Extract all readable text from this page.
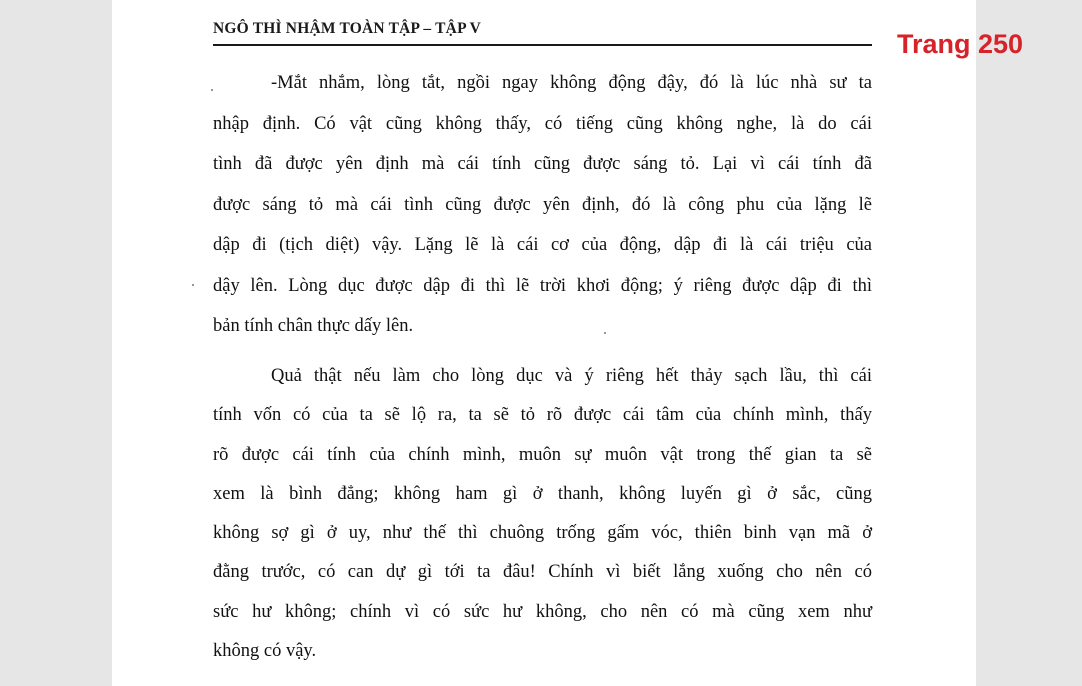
NGÔ THÌ NHẬM TOÀN TẬP – TẬP V

-Mắt nhắm, lòng tắt, ngồi ngay không động đậy, đó là lúc nhà sư ta
nhập định. Có vật cũng không thấy, có tiếng cũng không nghe, là do cái
tình đã được yên định mà cái tính cũng được sáng tỏ. Lại vì cái tính đã
được sáng tỏ mà cái tình cũng được yên định, đó là công phu của lặng lẽ
dập đi (tịch diệt) vậy. Lặng lẽ là cái cơ của động, dập đi là cái triệu của
dậy lên. Lòng dục được dập đi thì lẽ trời khơi động; ý riêng được dập đi thì
bản tính chân thực dấy lên.

Quả thật nếu làm cho lòng dục và ý riêng hết thảy sạch lầu, thì cái
tính vốn có của ta sẽ lộ ra, ta sẽ tỏ rõ được cái tâm của chính mình, thấy
rõ được cái tính của chính mình, muôn sự muôn vật trong thế gian ta sẽ
xem là bình đẳng; không ham gì ở thanh, không luyến gì ở sắc, cũng
không sợ gì ở uy, như thế thì chuông trống gấm vóc, thiên binh vạn mã ở
đằng trước, có can dự gì tới ta đâu! Chính vì biết lắng xuống cho nên có
sức hư không; chính vì có sức hư không, cho nên có mà cũng xem như
không có vậy.

Trang 250
